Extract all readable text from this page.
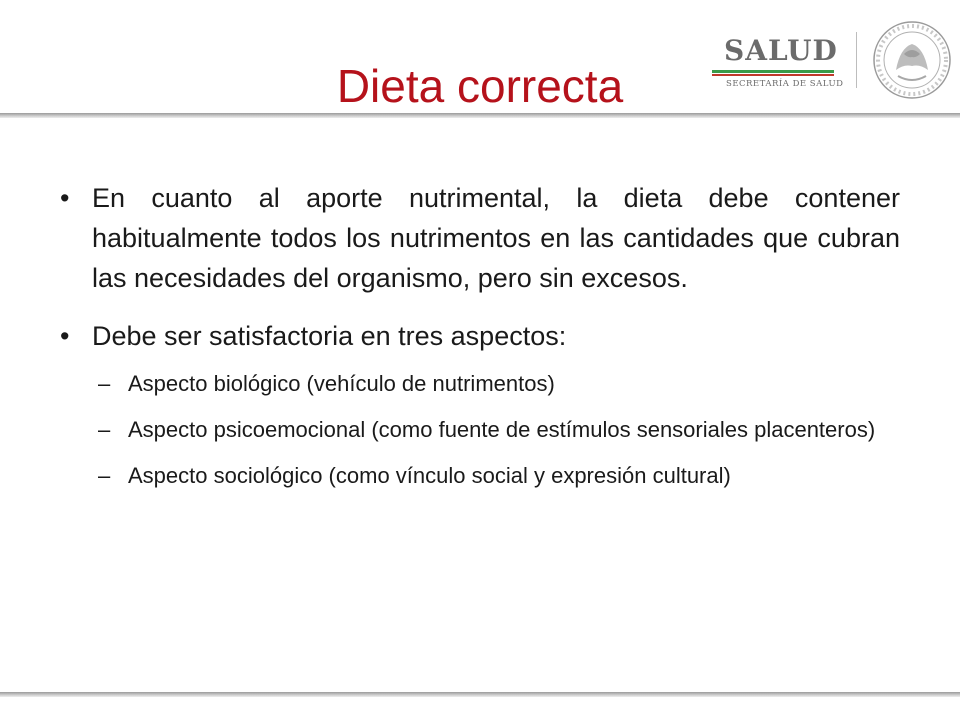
SALUD
SECRETARÍA DE SALUD
Dieta correcta

• En cuanto al aporte nutrimental, la dieta debe contener habitualmente todos los nutrimentos en las cantidades que cubran las necesidades del organismo, pero sin excesos.

• Debe ser satisfactoria en tres aspectos:

– Aspecto biológico (vehículo de nutrimentos)

– Aspecto psicoemocional (como fuente de estímulos sensoriales placenteros)

– Aspecto sociológico (como vínculo social y expresión cultural)
